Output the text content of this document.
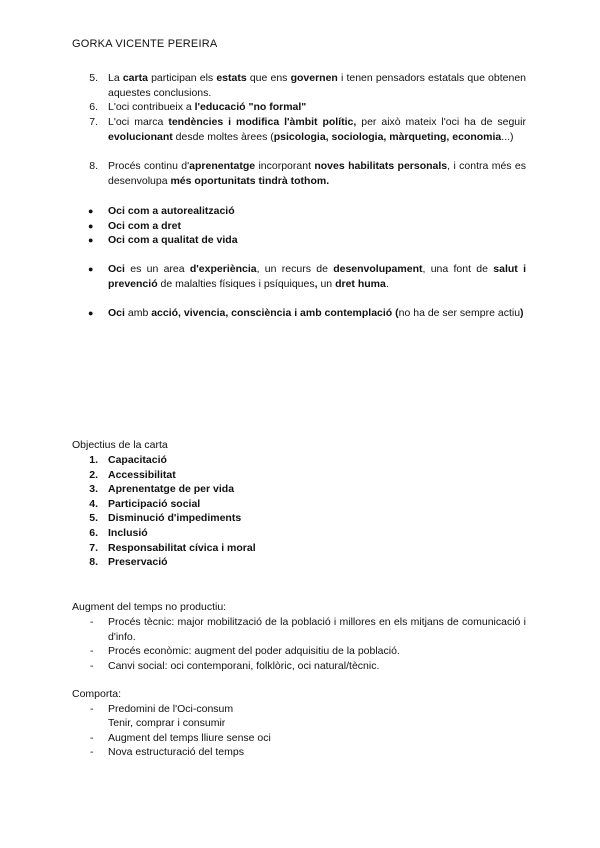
GORKA VICENTE PEREIRA
5. La carta participan els estats que ens governen i tenen pensadors estatals que obtenen aquestes conclusions.
6. L'oci contribueix a l'educació "no formal"
7. L'oci marca tendències i modifica l'àmbit polític, per això mateix l'oci ha de seguir evolucionant desde moltes àrees (psicologia, sociologia, màrqueting, economia...)
8. Procés continu d'aprenentatge incorporant noves habilitats personals, i contra més es desenvolupa més oportunitats tindrà tothom.
● Oci com a autorealització
● Oci com a dret
● Oci com a qualitat de vida
● Oci es un area d'experiència, un recurs de desenvolupament, una font de salut i prevenció de malalties físiques i psíquiques, un dret huma.
● Oci amb acció, vivencia, consciència i amb contemplació (no ha de ser sempre actiu)
Objectius de la carta
1. Capacitació
2. Accessibilitat
3. Aprenentatge de per vida
4. Participació social
5. Disminució d'impediments
6. Inclusió
7. Responsabilitat cívica i moral
8. Preservació
Augment del temps no productiu:
- Procés tècnic: major mobilització de la població i millores en els mitjans de comunicació i d'info.
- Procés econòmic: augment del poder adquisitiu de la població.
- Canvi social: oci contemporani, folklòric, oci natural/tècnic.
Comporta:
- Predomini de l'Oci-consum
Tenir, comprar i consumir
- Augment del temps lliure sense oci
- Nova estructuració del temps
